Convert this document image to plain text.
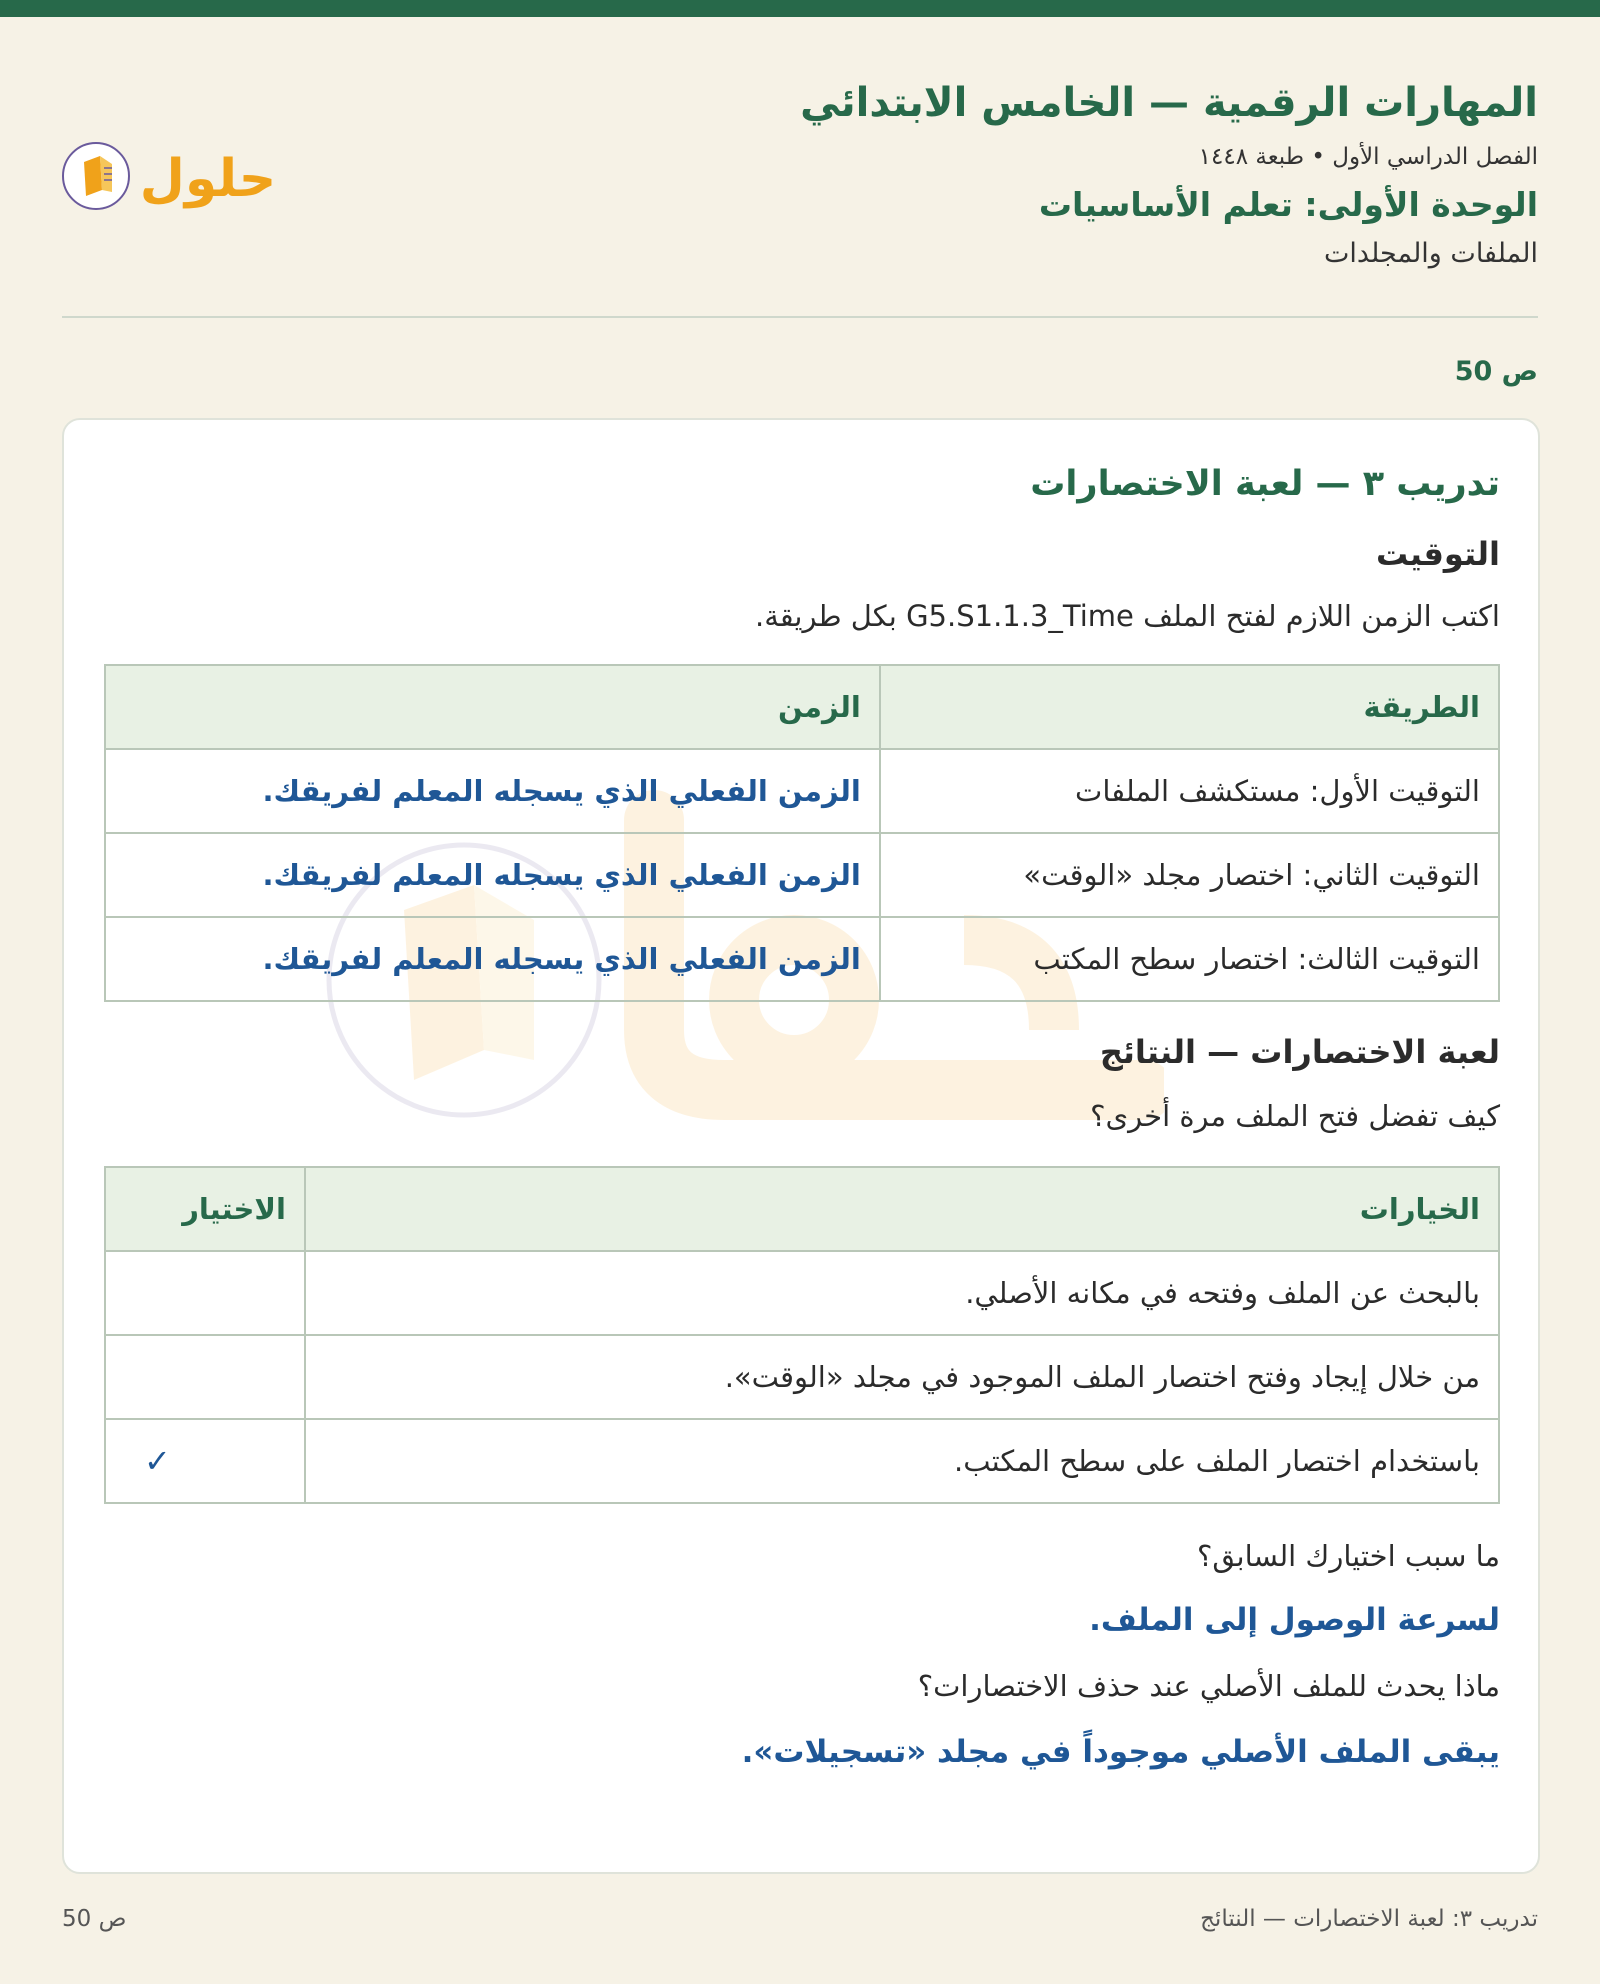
المهارات الرقمية — الخامس الابتدائي
الفصل الدراسي الأول • طبعة ١٤٤٨
الوحدة الأولى: تعلم الأساسيات
الملفات والمجلدات
حلول
ص 50
تدريب ٣ — لعبة الاختصارات
التوقيت
اكتب الزمن اللازم لفتح الملف G5.S1.1.3_Time بكل طريقة.
الطريقة	الزمن
التوقيت الأول: مستكشف الملفات	الزمن الفعلي الذي يسجله المعلم لفريقك.
التوقيت الثاني: اختصار مجلد «الوقت»	الزمن الفعلي الذي يسجله المعلم لفريقك.
التوقيت الثالث: اختصار سطح المكتب	الزمن الفعلي الذي يسجله المعلم لفريقك.
لعبة الاختصارات — النتائج
كيف تفضل فتح الملف مرة أخرى؟
الخيارات	الاختيار
بالبحث عن الملف وفتحه في مكانه الأصلي.	
من خلال إيجاد وفتح اختصار الملف الموجود في مجلد «الوقت».	
باستخدام اختصار الملف على سطح المكتب.	✓
ما سبب اختيارك السابق؟
لسرعة الوصول إلى الملف.
ماذا يحدث للملف الأصلي عند حذف الاختصارات؟
يبقى الملف الأصلي موجوداً في مجلد «تسجيلات».
تدريب ٣: لعبة الاختصارات — النتائج
ص 50
